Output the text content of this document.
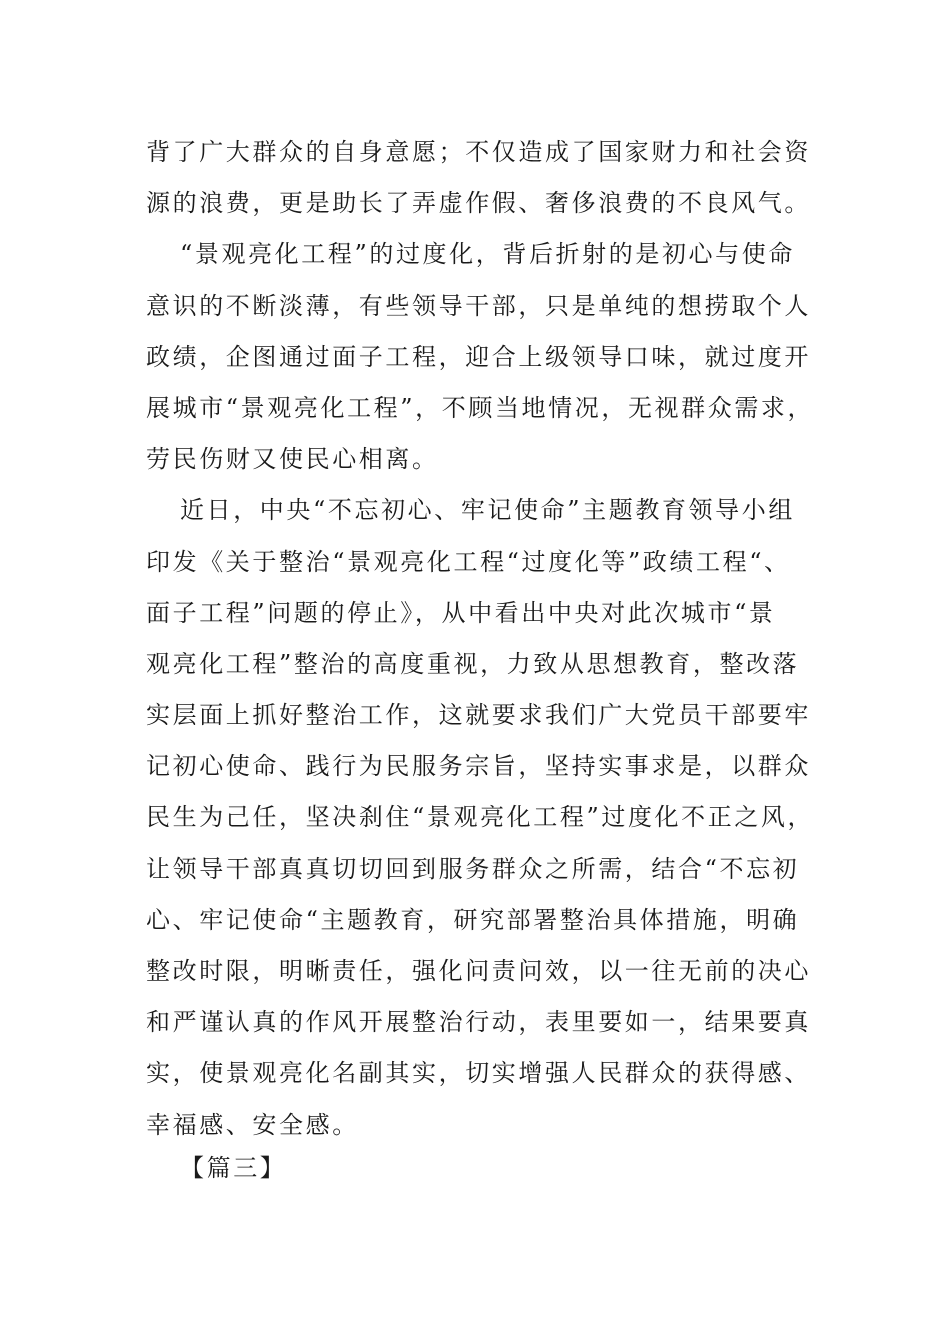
背了广大群众的自身意愿；不仅造成了国家财力和社会资
源的浪费，更是助长了弄虚作假、奢侈浪费的不良风气。
“景观亮化工程”的过度化，背后折射的是初心与使命
意识的不断淡薄，有些领导干部，只是单纯的想捞取个人
政绩，企图通过面子工程，迎合上级领导口味，就过度开
展城市“景观亮化工程”，不顾当地情况，无视群众需求，
劳民伤财又使民心相离。
近日，中央“不忘初心、牢记使命”主题教育领导小组
印发《关于整治“景观亮化工程“过度化等”政绩工程“、
面子工程”问题的停止》，从中看出中央对此次城市“景
观亮化工程”整治的高度重视，力致从思想教育，整改落
实层面上抓好整治工作，这就要求我们广大党员干部要牢
记初心使命、践行为民服务宗旨，坚持实事求是，以群众
民生为己任，坚决刹住“景观亮化工程”过度化不正之风，
让领导干部真真切切回到服务群众之所需，结合“不忘初
心、牢记使命“主题教育，研究部署整治具体措施，明确
整改时限，明晰责任，强化问责问效，以一往无前的决心
和严谨认真的作风开展整治行动，表里要如一，结果要真
实，使景观亮化名副其实，切实增强人民群众的获得感、
幸福感、安全感。
【篇三】
